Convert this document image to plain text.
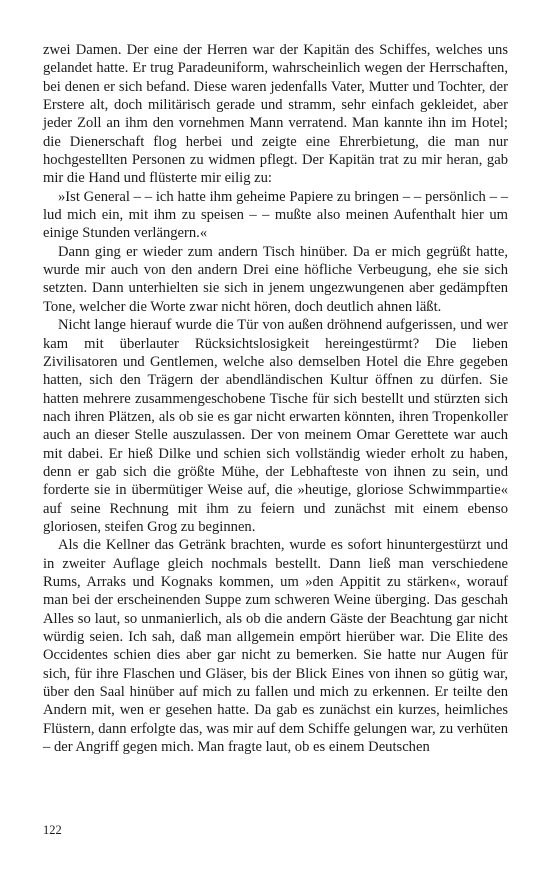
zwei Damen. Der eine der Herren war der Kapitän des Schiffes, welches uns gelandet hatte. Er trug Paradeuniform, wahrscheinlich wegen der Herrschaften, bei denen er sich befand. Diese waren jedenfalls Vater, Mutter und Tochter, der Erstere alt, doch militärisch gerade und stramm, sehr einfach gekleidet, aber jeder Zoll an ihm den vornehmen Mann verratend. Man kannte ihn im Hotel; die Dienerschaft flog herbei und zeigte eine Ehrerbietung, die man nur hochgestellten Personen zu widmen pflegt. Der Kapitän trat zu mir heran, gab mir die Hand und flüsterte mir eilig zu:

»Ist General – – ich hatte ihm geheime Papiere zu bringen – – persönlich – – lud mich ein, mit ihm zu speisen – – mußte also meinen Aufenthalt hier um einige Stunden verlängern.«

Dann ging er wieder zum andern Tisch hinüber. Da er mich gegrüßt hatte, wurde mir auch von den andern Drei eine höfliche Verbeugung, ehe sie sich setzten. Dann unterhielten sie sich in jenem ungezwungenen aber gedämpften Tone, welcher die Worte zwar nicht hören, doch deutlich ahnen läßt.

Nicht lange hierauf wurde die Tür von außen dröhnend aufgerissen, und wer kam mit überlauter Rücksichtslosigkeit hereingestürmt? Die lieben Zivilisatoren und Gentlemen, welche also demselben Hotel die Ehre gegeben hatten, sich den Trägern der abendländischen Kultur öffnen zu dürfen. Sie hatten mehrere zusammengeschobene Tische für sich bestellt und stürzten sich nach ihren Plätzen, als ob sie es gar nicht erwarten könnten, ihren Tropenkoller auch an dieser Stelle auszulassen. Der von meinem Omar Gerettete war auch mit dabei. Er hieß Dilke und schien sich vollständig wieder erholt zu haben, denn er gab sich die größte Mühe, der Lebhafteste von ihnen zu sein, und forderte sie in übermütiger Weise auf, die »heutige, gloriose Schwimmpartie« auf seine Rechnung mit ihm zu feiern und zunächst mit einem ebenso gloriosen, steifen Grog zu beginnen.

Als die Kellner das Getränk brachten, wurde es sofort hinuntergestürzt und in zweiter Auflage gleich nochmals bestellt. Dann ließ man verschiedene Rums, Arraks und Kognaks kommen, um »den Appitit zu stärken«, worauf man bei der erscheinenden Suppe zum schweren Weine überging. Das geschah Alles so laut, so unmanierlich, als ob die andern Gäste der Beachtung gar nicht würdig seien. Ich sah, daß man allgemein empört hierüber war. Die Elite des Occidentes schien dies aber gar nicht zu bemerken. Sie hatte nur Augen für sich, für ihre Flaschen und Gläser, bis der Blick Eines von ihnen so gütig war, über den Saal hinüber auf mich zu fallen und mich zu erkennen. Er teilte den Andern mit, wen er gesehen hatte. Da gab es zunächst ein kurzes, heimliches Flüstern, dann erfolgte das, was mir auf dem Schiffe gelungen war, zu verhüten – der Angriff gegen mich. Man fragte laut, ob es einem Deutschen

122
